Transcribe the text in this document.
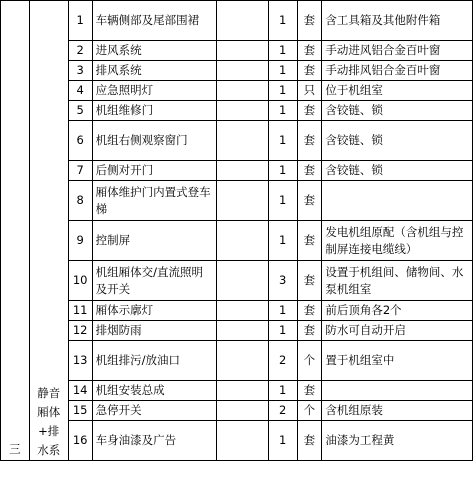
三	静音厢体+排水系	1	车辆侧部及尾部围裙		1	套	含工具箱及其他附件箱
		2	进风系统		1	套	手动进风铝合金百叶窗
		3	排风系统		1	套	手动排风铝合金百叶窗
		4	应急照明灯		1	只	位于机组室
		5	机组维修门		1	套	含铰链、锁
		6	机组右侧观察窗门		1	套	含铰链、锁
		7	后侧对开门		1	套	含铰链、锁
		8	厢体维护门内置式登车梯		1	套	
		9	控制屏		1	套	发电机组原配（含机组与控制屏连接电缆线）
		10	机组厢体交/直流照明及开关		3	套	设置于机组间、储物间、水泵机组室
		11	厢体示廓灯		1	套	前后顶角各2个
		12	排烟防雨		1	套	防水可自动开启
		13	机组排污/放油口		2	个	置于机组室中
		14	机组安装总成		1	套	
		15	急停开关		2	个	含机组原装
		16	车身油漆及广告		1	套	油漆为工程黄
